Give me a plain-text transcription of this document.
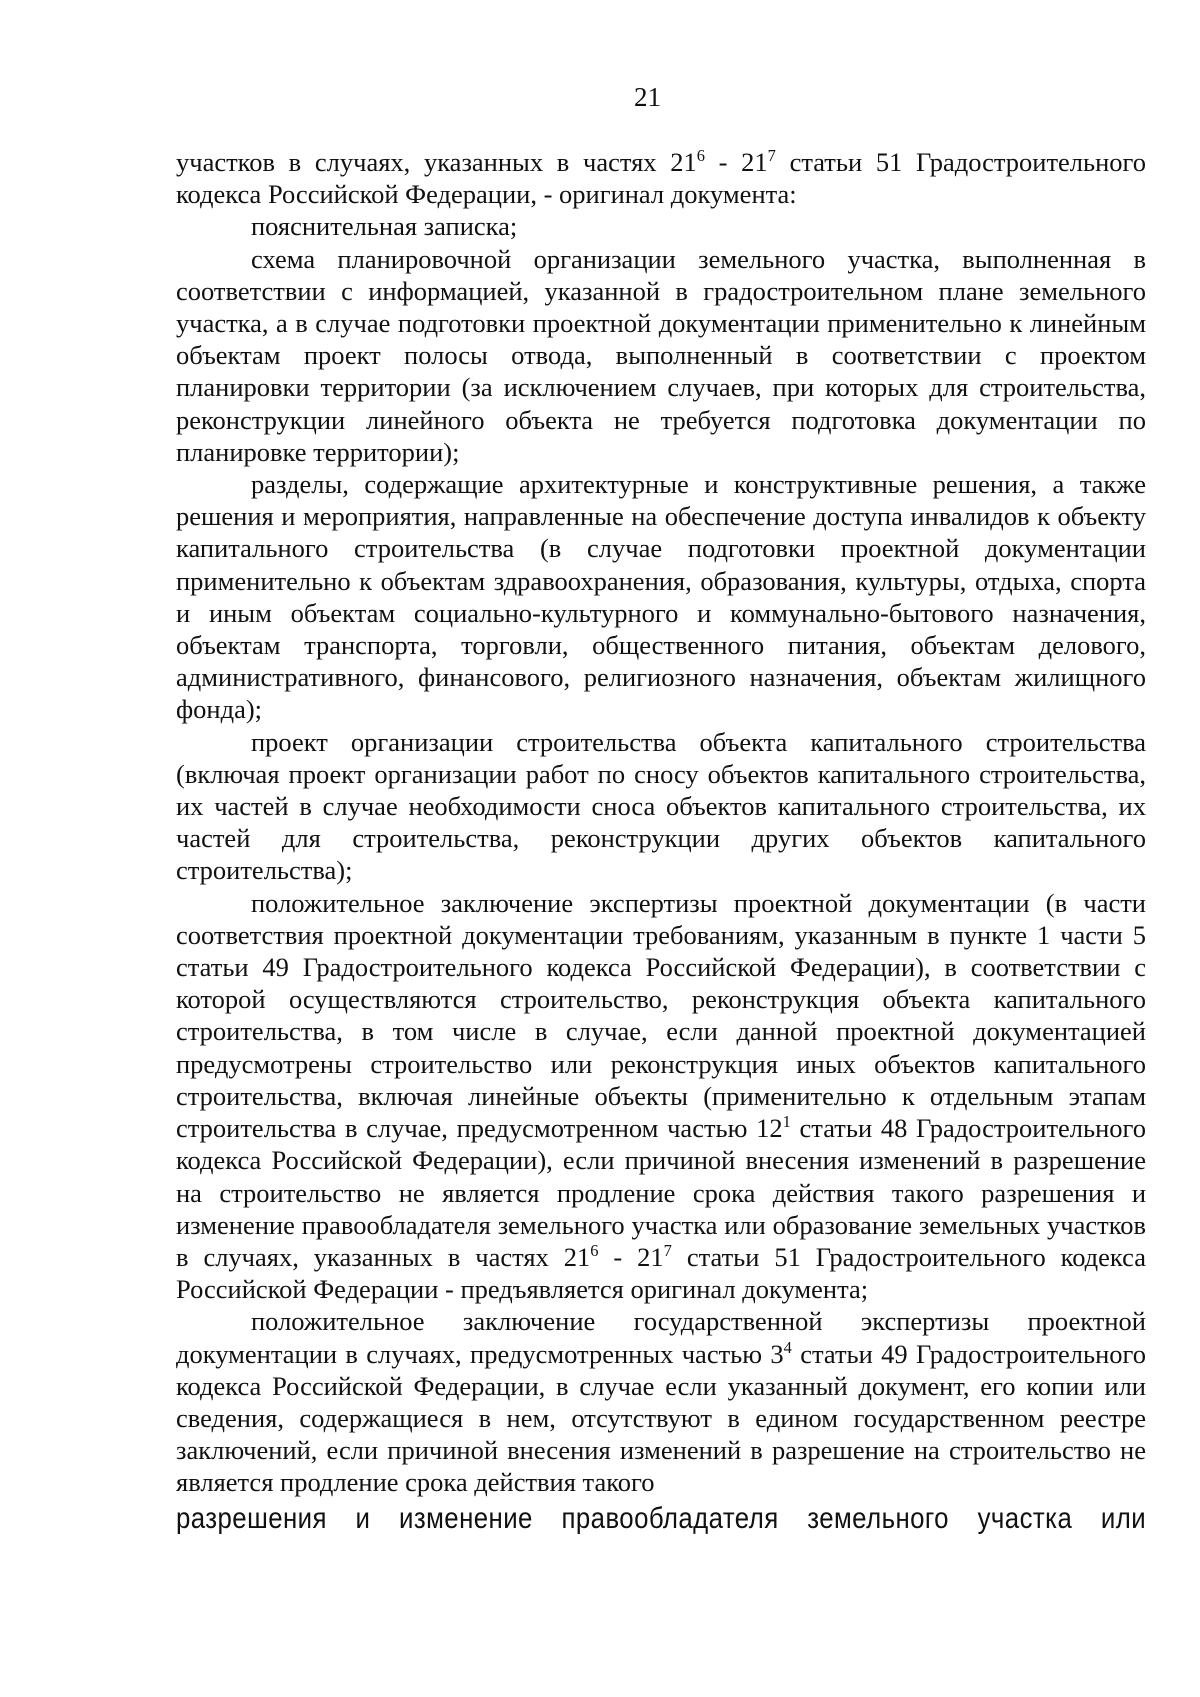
21

участков в случаях, указанных в частях $21^6 - 21^7$ статьи 51 Градостроительного кодекса Российской Федерации, - оригинал документа:

пояснительная записка;

схема планировочной организации земельного участка, выполненная в соответствии с информацией, указанной в градостроительном плане земельного участка, а в случае подготовки проектной документации применительно к линейным объектам проект полосы отвода, выполненный в соответствии с проектом планировки территории (за исключением случаев, при которых для строительства, реконструкции линейного объекта не требуется подготовка документации по планировке территории);

разделы, содержащие архитектурные и конструктивные решения, а также решения и мероприятия, направленные на обеспечение доступа инвалидов к объекту капитального строительства (в случае подготовки проектной документации применительно к объектам здравоохранения, образования, культуры, отдыха, спорта и иным объектам социально-культурного и коммунально-бытового назначения, объектам транспорта, торговли, общественного питания, объектам делового, административного, финансового, религиозного назначения, объектам жилищного фонда);

проект организации строительства объекта капитального строительства (включая проект организации работ по сносу объектов капитального строительства, их частей в случае необходимости сноса объектов капитального строительства, их частей для строительства, реконструкции других объектов капитального строительства);

положительное заключение экспертизы проектной документации (в части соответствия проектной документации требованиям, указанным в пункте 1 части 5 статьи 49 Градостроительного кодекса Российской Федерации), в соответствии с которой осуществляются строительство, реконструкция объекта капитального строительства, в том числе в случае, если данной проектной документацией предусмотрены строительство или реконструкция иных объектов капитального строительства, включая линейные объекты (применительно к отдельным этапам строительства в случае, предусмотренном частью $12^1$ статьи 48 Градостроительного кодекса Российской Федерации), если причиной внесения изменений в разрешение на строительство не является продление срока действия такого разрешения и изменение правообладателя земельного участка или образование земельных участков в случаях, указанных в частях $21^6 - 21^7$ статьи 51 Градостроительного кодекса Российской Федерации - предъявляется оригинал документа;

положительное заключение государственной экспертизы проектной документации в случаях, предусмотренных частью $3^4$ статьи 49 Градостроительного кодекса Российской Федерации, в случае если указанный документ, его копии или сведения, содержащиеся в нем, отсутствуют в едином государственном реестре заключений, если причиной внесения изменений в разрешение на строительство не является продление срока действия такого

разрешения и изменение правообладателя земельного участка или
